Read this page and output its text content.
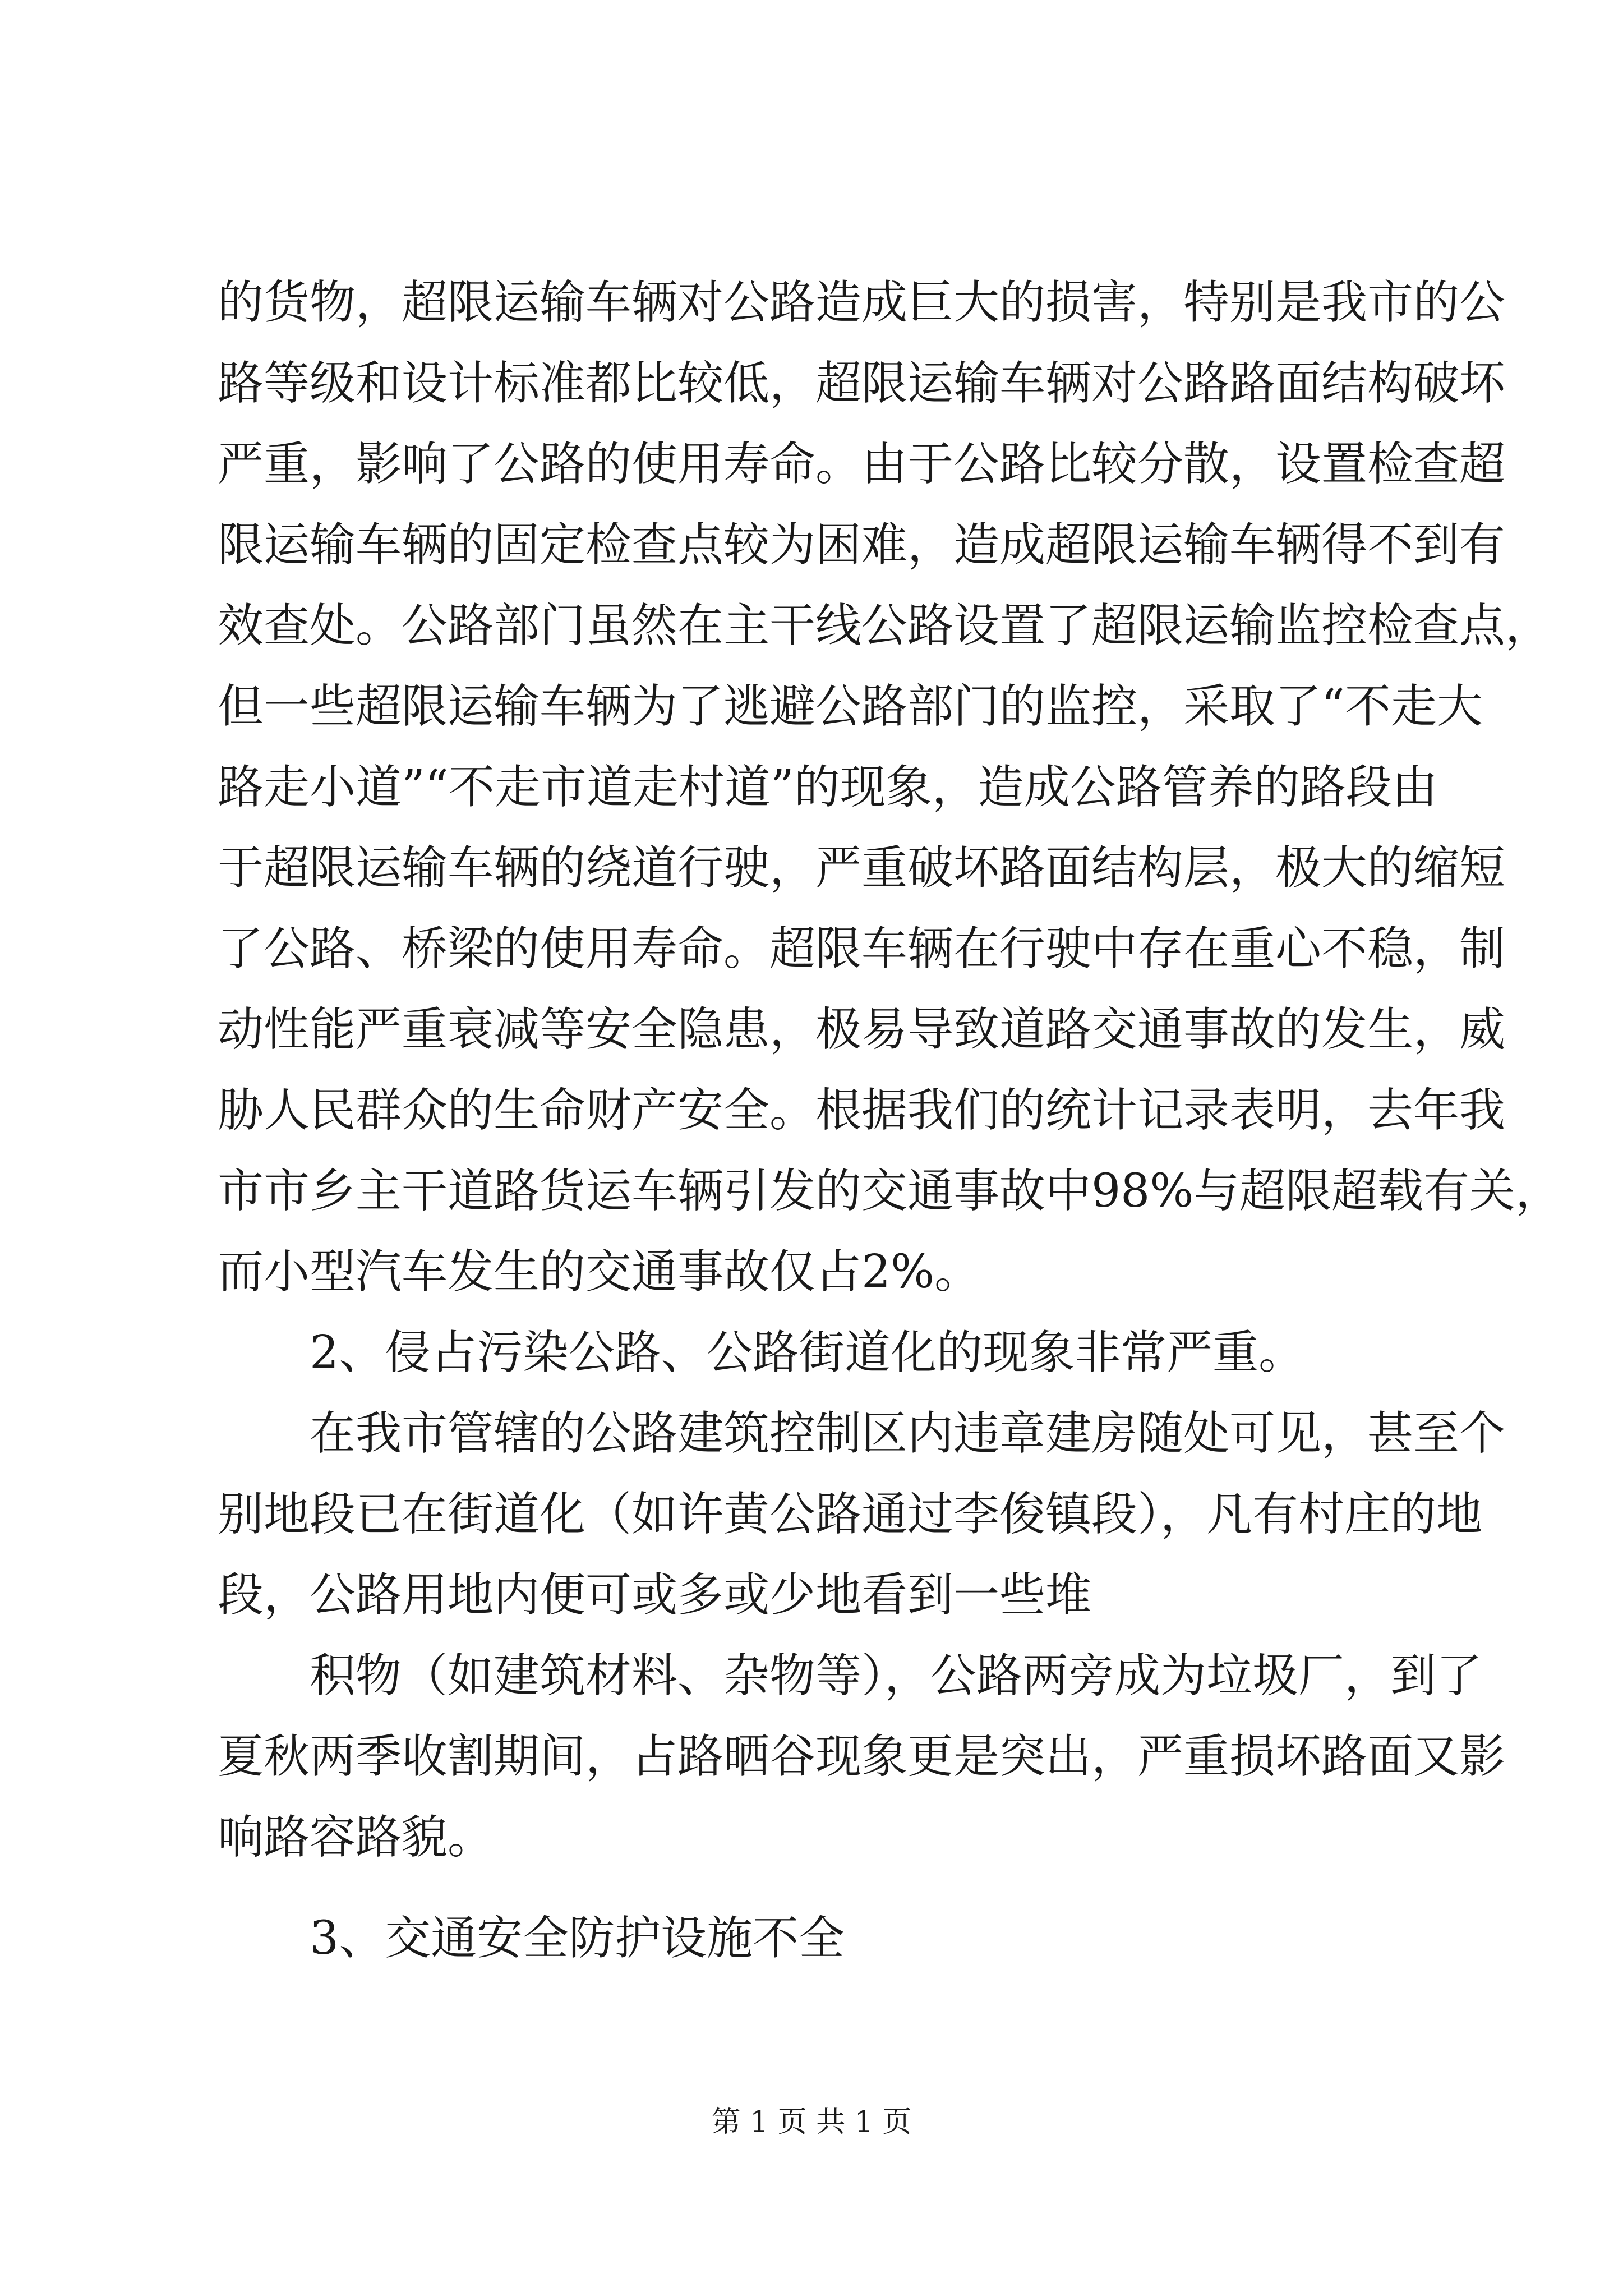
的货物，超限运输车辆对公路造成巨大的损害，特别是我市的公
路等级和设计标准都比较低，超限运输车辆对公路路面结构破坏
严重，影响了公路的使用寿命。由于公路比较分散，设置检查超
限运输车辆的固定检查点较为困难，造成超限运输车辆得不到有
效查处。公路部门虽然在主干线公路设置了超限运输监控检查点，
但一些超限运输车辆为了逃避公路部门的监控，采取了“不走大
路走小道”“不走市道走村道”的现象，造成公路管养的路段由
于超限运输车辆的绕道行驶，严重破坏路面结构层，极大的缩短
了公路、桥梁的使用寿命。超限车辆在行驶中存在重心不稳，制
动性能严重衰减等安全隐患，极易导致道路交通事故的发生，威
胁人民群众的生命财产安全。根据我们的统计记录表明，去年我
市市乡主干道路货运车辆引发的交通事故中98%与超限超载有关，
而小型汽车发生的交通事故仅占2%。
2、侵占污染公路、公路街道化的现象非常严重。
在我市管辖的公路建筑控制区内违章建房随处可见，甚至个
别地段已在街道化（如许黄公路通过李俊镇段），凡有村庄的地
段，公路用地内便可或多或少地看到一些堆
积物（如建筑材料、杂物等），公路两旁成为垃圾厂，到了
夏秋两季收割期间，占路晒谷现象更是突出，严重损坏路面又影
响路容路貌。
3、交通安全防护设施不全
第 1 页 共 1 页
